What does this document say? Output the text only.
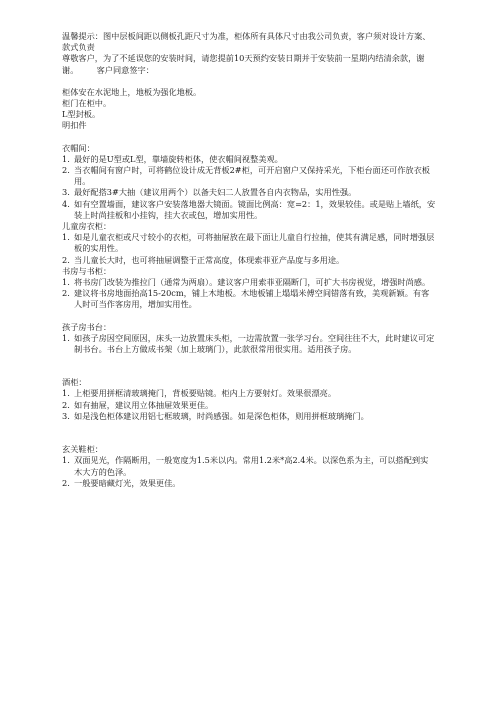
温馨提示：图中层板间距以侧板孔距尺寸为准，柜体所有具体尺寸由我公司负责，客户须对设计方案、款式负责

尊敬客户，为了不延误您的安装时间，请您提前10天预约安装日期并于安装前一星期内结清余款，谢谢。 客户同意签字：

柜体安在水泥地上，地板为强化地板。

柜门在柜中。

L型封板。

明扣件

衣帽间：

1. 最好的是U型或L型，靠墙旋转柜体，使衣帽间视整美观。
2. 当衣帽间有窗户时，可将鹤位设计成无背板2#柜，可开启窗户又保持采光，下柜台面还可作放衣板用。
3. 最好配搭3#大抽（建议用两个）以备夫妇二人放置各自内衣物品，实用性强。
4. 如有空置墙面，建议客户安装落地器大镜面。镜面比例高：宽=2：1，效果较佳。或是贴上墙纸，安装上时尚挂板和小挂钩，挂大衣或包，增加实用性。

儿童房衣柜：

1. 如是儿童衣柜或尺寸较小的衣柜，可将抽屉放在最下面让儿童自行拉抽，使其有满足感，同时增强层板的实用性。
2. 当儿童长大时，也可将抽屉调整于正常高度，体现索菲亚产品度与多用途。

书房与书柜：

1. 将书房门改装为推拉门（通常为两扇）。建议客户用索菲亚隔断门，可扩大书房视觉，增强时尚感。
2. 建议将书房地面抬高15-20cm，铺上木地板。木地板铺上塌塌米傅空间错落有致，美观新颖。有客人时可当作客房用，增加实用性。

孩子房书台：

1. 如孩子房因空间原因，床头一边放置床头柜，一边需放置一张学习台。空间往往不大，此时建议可定制书台。书台上方做成书架（加上玻璃门），此款很常用很实用。适用孩子房。

酒柜：

1. 上柜要用拼框清玻璃掩门，背板要贴镜。柜内上方要射灯。效果很漂亮。
2. 如有抽屉，建议用立体抽屉效果更佳。
3. 如是浅色柜体建议用铝七框玻璃，时尚感强。如是深色柜体，则用拼框玻璃掩门。

玄关鞋柜：

1. 双面见光，作隔断用，一般宽度为1.5米以内。常用1.2米*高2.4米。以深色系为主，可以搭配到实木大方的色泽。
2. 一般要暗藏灯光，效果更佳。
